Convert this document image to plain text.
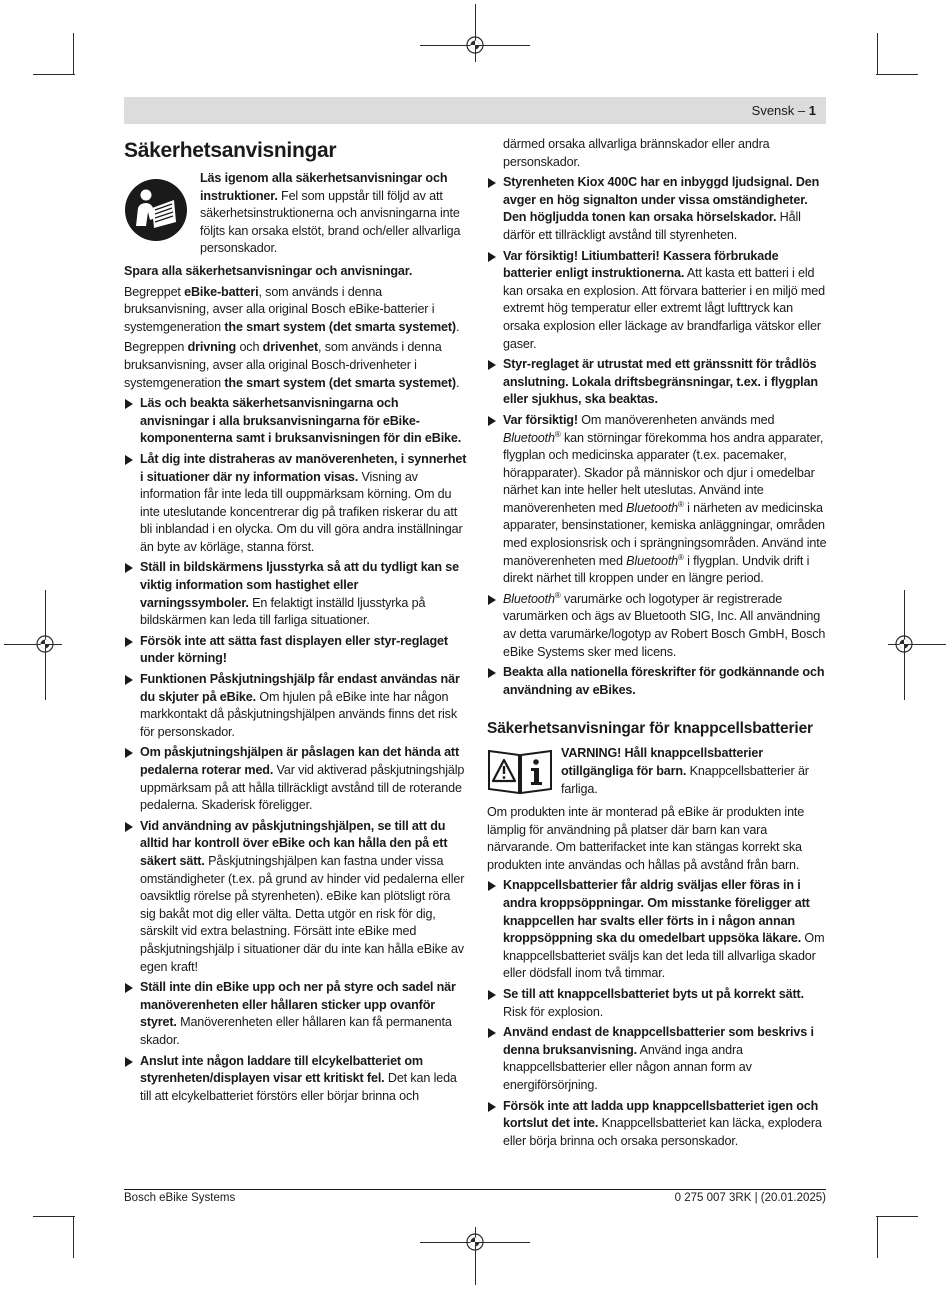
Svensk – 1
Säkerhetsanvisningar
Läs igenom alla säkerhetsanvisningar och instruktioner. Fel som uppstår till följd av att säkerhetsinstruktionerna och anvisningarna inte följts kan orsaka elstöt, brand och/eller allvarliga personskador.
Spara alla säkerhetsanvisningar och anvisningar.
Begreppet eBike-batteri, som används i denna bruksanvisning, avser alla original Bosch eBike-batterier i systemgeneration the smart system (det smarta systemet).
Begreppen drivning och drivenhet, som används i denna bruksanvisning, avser alla original Bosch-drivenheter i systemgeneration the smart system (det smarta systemet).
Läs och beakta säkerhetsanvisningarna och anvisningar i alla bruksanvisningarna för eBike-komponenterna samt i bruksanvisningen för din eBike.
Låt dig inte distraheras av manöverenheten, i synnerhet i situationer där ny information visas. Visning av information får inte leda till ouppmärksam körning. Om du inte uteslutande koncentrerar dig på trafiken riskerar du att bli inblandad i en olycka. Om du vill göra andra inställningar än byte av körläge, stanna först.
Ställ in bildskärmens ljusstyrka så att du tydligt kan se viktig information som hastighet eller varningssymboler. En felaktigt inställd ljusstyrka på bildskärmen kan leda till farliga situationer.
Försök inte att sätta fast displayen eller styr-reglaget under körning!
Funktionen Påskjutningshjälp får endast användas när du skjuter på eBike. Om hjulen på eBike inte har någon markkontakt då påskjutningshjälpen används finns det risk för personskador.
Om påskjutningshjälpen är påslagen kan det hända att pedalerna roterar med. Var vid aktiverad påskjutningshjälp uppmärksam på att hålla tillräckligt avstånd till de roterande pedalerna. Skaderisk föreligger.
Vid användning av påskjutningshjälpen, se till att du alltid har kontroll över eBike och kan hålla den på ett säkert sätt. Påskjutningshjälpen kan fastna under vissa omständigheter (t.ex. på grund av hinder vid pedalerna eller oavsiktlig rörelse på styrenheten). eBike kan plötsligt röra sig bakåt mot dig eller välta. Detta utgör en risk för dig, särskilt vid extra belastning. Försätt inte eBike med påskjutningshjälp i situationer där du inte kan hålla eBike av egen kraft!
Ställ inte din eBike upp och ner på styre och sadel när manöverenheten eller hållaren sticker upp ovanför styret. Manöverenheten eller hållaren kan få permanenta skador.
Anslut inte någon laddare till elcykelbatteriet om styrenheten/displayen visar ett kritiskt fel. Det kan leda till att elcykelbatteriet förstörs eller börjar brinna och
därmed orsaka allvarliga brännskador eller andra personskador.
Styrenheten Kiox 400C har en inbyggd ljudsignal. Den avger en hög signalton under vissa omständigheter. Den högljudda tonen kan orsaka hörselskador. Håll därför ett tillräckligt avstånd till styrenheten.
Var försiktig! Litiumbatteri! Kassera förbrukade batterier enligt instruktionerna. Att kasta ett batteri i eld kan orsaka en explosion. Att förvara batterier i en miljö med extremt hög temperatur eller extremt lågt lufttryck kan orsaka explosion eller läckage av brandfarliga vätskor eller gaser.
Styr-reglaget är utrustat med ett gränssnitt för trådlös anslutning. Lokala driftsbegränsningar, t.ex. i flygplan eller sjukhus, ska beaktas.
Var försiktig! Om manöverenheten används med Bluetooth® kan störningar förekomma hos andra apparater, flygplan och medicinska apparater (t.ex. pacemaker, hörapparater). Skador på människor och djur i omedelbar närhet kan inte heller helt uteslutas. Använd inte manöverenheten med Bluetooth® i närheten av medicinska apparater, bensinstationer, kemiska anläggningar, områden med explosionsrisk och i sprängningsområden. Använd inte manöverenheten med Bluetooth® i flygplan. Undvik drift i direkt närhet till kroppen under en längre period.
Bluetooth® varumärke och logotyper är registrerade varumärken och ägs av Bluetooth SIG, Inc. All användning av detta varumärke/logotyp av Robert Bosch GmbH, Bosch eBike Systems sker med licens.
Beakta alla nationella föreskrifter för godkännande och användning av eBikes.
Säkerhetsanvisningar för knappcellsbatterier
VARNING! Håll knappcellsbatterier otillgängliga för barn. Knappcellsbatterier är farliga.
Om produkten inte är monterad på eBike är produkten inte lämplig för användning på platser där barn kan vara närvarande. Om batterifacket inte kan stängas korrekt ska produkten inte användas och hållas på avstånd från barn.
Knappcellsbatterier får aldrig sväljas eller föras in i andra kroppsöppningar. Om misstanke föreligger att knappcellen har svalts eller förts in i någon annan kroppsöppning ska du omedelbart uppsöka läkare. Om knappcellsbatteriet sväljs kan det leda till allvarliga skador eller dödsfall inom två timmar.
Se till att knappcellsbatteriet byts ut på korrekt sätt. Risk för explosion.
Använd endast de knappcellsbatterier som beskrivs i denna bruksanvisning. Använd inga andra knappcellsbatterier eller någon annan form av energiförsörjning.
Försök inte att ladda upp knappcellsbatteriet igen och kortslut det inte. Knappcellsbatteriet kan läcka, explodera eller börja brinna och orsaka personskador.
Bosch eBike Systems	0 275 007 3RK | (20.01.2025)
